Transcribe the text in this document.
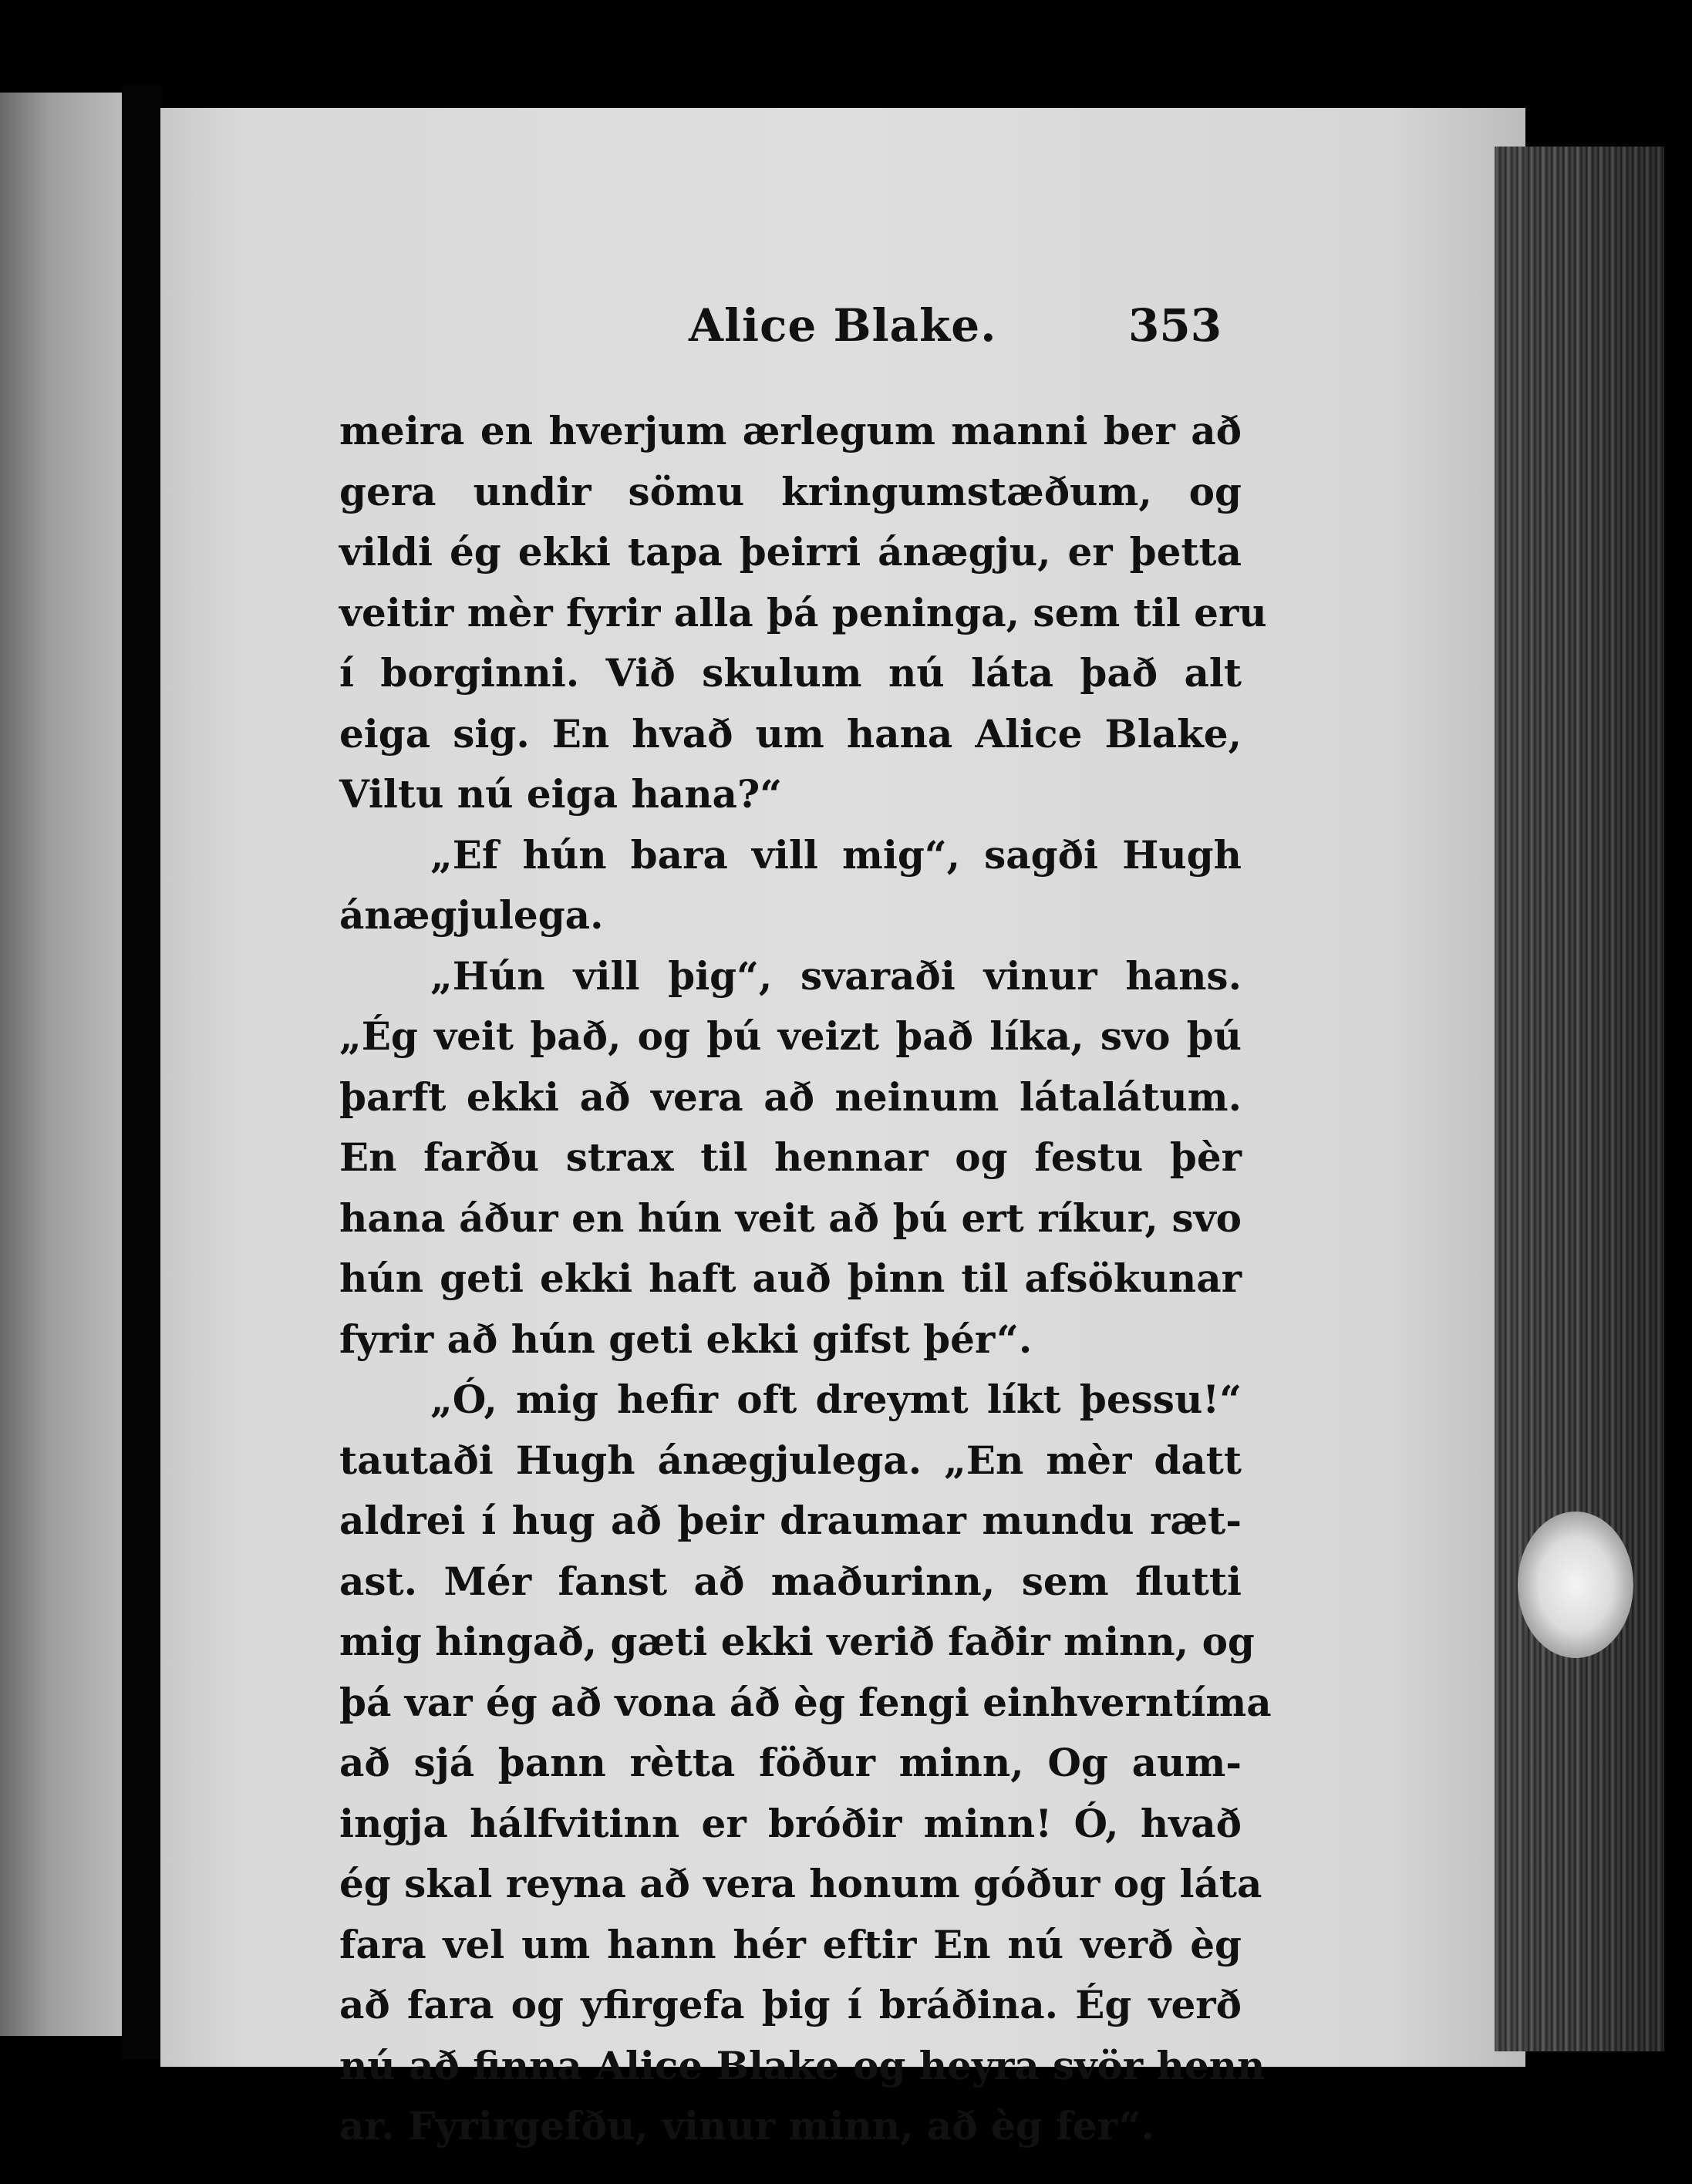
Alice Blake.	353
meira en hverjum ærlegum manni ber að
gera undir sömu kringumstæðum, og
vildi ég ekki tapa þeirri ánægju, er þetta
veitir mèr fyrir alla þá peninga, sem til eru
í borginni. Við skulum nú láta það alt
eiga sig. En hvað um hana Alice Blake,
Viltu nú eiga hana?“
„Ef hún bara vill mig“, sagði Hugh
ánægjulega.
„Hún vill þig“, svaraði vinur hans.
„Ég veit það, og þú veizt það líka, svo þú
þarft ekki að vera að neinum látalátum.
En farðu strax til hennar og festu þèr
hana áður en hún veit að þú ert ríkur, svo
hún geti ekki haft auð þinn til afsökunar
fyrir að hún geti ekki gifst þér“.
„Ó, mig hefir oft dreymt líkt þessu!“
tautaði Hugh ánægjulega. „En mèr datt
aldrei í hug að þeir draumar mundu ræt-
ast. Mér fanst að maðurinn, sem flutti
mig hingað, gæti ekki verið faðir minn, og
þá var ég að vona áð èg fengi einhverntíma
að sjá þann rètta föður minn, Og aum-
ingja hálfvitinn er bróðir minn! Ó, hvað
ég skal reyna að vera honum góður og láta
fara vel um hann hér eftir En nú verð èg
að fara og yfirgefa þig í bráðina. Ég verð
nú að finna Alice Blake og heyra svör henn
ar. Fyrirgefðu, vinur minn, að èg fer“.
